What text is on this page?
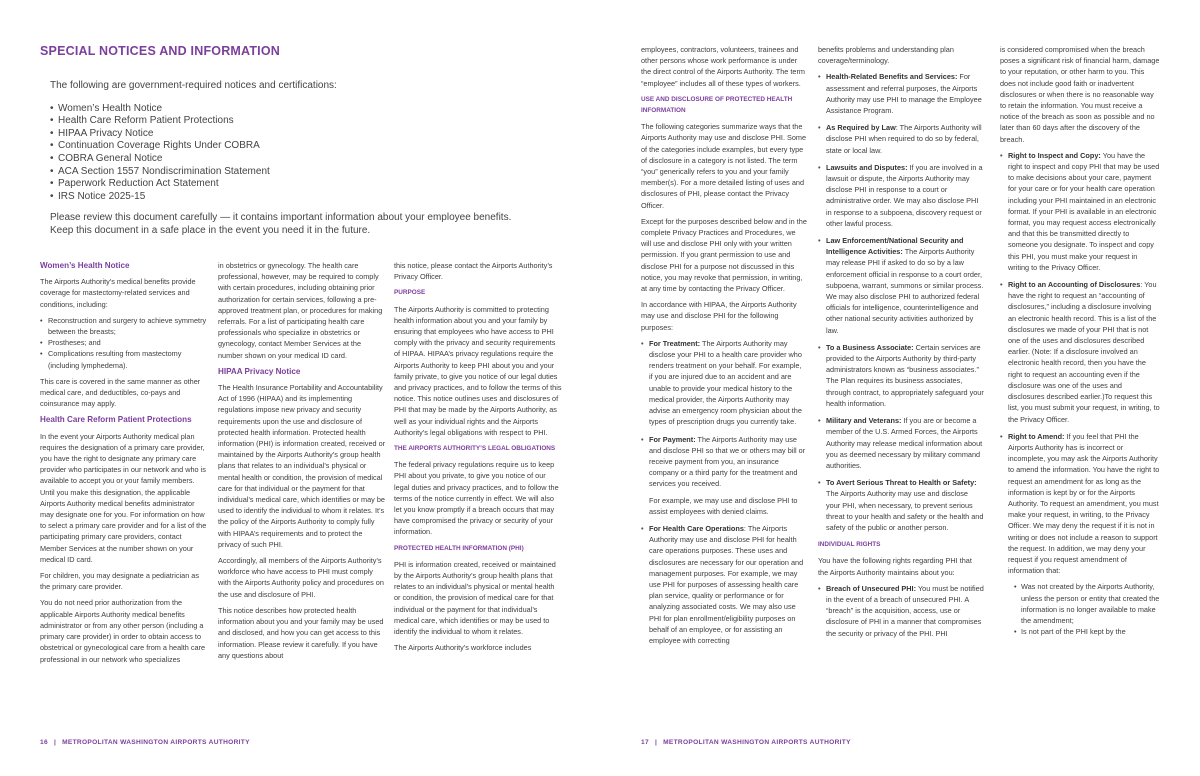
SPECIAL NOTICES AND INFORMATION

The following are government-required notices and certifications:

• Women’s Health Notice
• Health Care Reform Patient Protections
• HIPAA Privacy Notice
• Continuation Coverage Rights Under COBRA
• COBRA General Notice
• ACA Section 1557 Nondiscrimination Statement
• Paperwork Reduction Act Statement
• IRS Notice 2025-15

Please review this document carefully — it contains important information about your employee benefits. Keep this document in a safe place in the event you need it in the future.

Women’s Health Notice

The Airports Authority’s medical benefits provide coverage for mastectomy-related services and conditions, including:

• Reconstruction and surgery to achieve symmetry between the breasts;
• Prostheses; and
• Complications resulting from mastectomy (including lymphedema).

This care is covered in the same manner as other medical care, and deductibles, co-pays and coinsurance may apply.

Health Care Reform Patient Protections

In the event your Airports Authority medical plan requires the designation of a primary care provider, you have the right to designate any primary care provider who participates in our network and who is available to accept you or your family members. Until you make this designation, the applicable Airports Authority medical benefits administrator may designate one for you. For information on how to select a primary care provider and for a list of the participating primary care providers, contact Member Services at the number shown on your medical ID card.

For children, you may designate a pediatrician as the primary care provider.

You do not need prior authorization from the applicable Airports Authority medical benefits administrator or from any other person (including a primary care provider) in order to obtain access to obstetrical or gynecological care from a health care professional in our network who specializes

in obstetrics or gynecology. The health care professional, however, may be required to comply with certain procedures, including obtaining prior authorization for certain services, following a pre-approved treatment plan, or procedures for making referrals. For a list of participating health care professionals who specialize in obstetrics or gynecology, contact Member Services at the number shown on your medical ID card.

HIPAA Privacy Notice

The Health Insurance Portability and Accountability Act of 1996 (HIPAA) and its implementing regulations impose new privacy and security requirements upon the use and disclosure of protected health information. Protected health information (PHI) is information created, received or maintained by the Airports Authority’s group health plans that relates to an individual’s physical or mental health or condition, the provision of medical care for that individual or the payment for that individual’s medical care, which identifies or may be used to identify the individual to whom it relates. It’s the policy of the Airports Authority to comply fully with HIPAA’s requirements and to protect the privacy of such PHI.

Accordingly, all members of the Airports Authority’s workforce who have access to PHI must comply with the Airports Authority policy and procedures on the use and disclosure of PHI.

This notice describes how protected health information about you and your family may be used and disclosed, and how you can get access to this information. Please review it carefully. If you have any questions about

this notice, please contact the Airports Authority’s Privacy Officer.

PURPOSE

The Airports Authority is committed to protecting health information about you and your family by ensuring that employees who have access to PHI comply with the privacy and security requirements of HIPAA. HIPAA’s privacy regulations require the Airports Authority to keep PHI about you and your family private, to give you notice of our legal duties and privacy practices, and to follow the terms of this notice. This notice outlines uses and disclosures of PHI that may be made by the Airports Authority, as well as your individual rights and the Airports Authority’s legal obligations with respect to PHI.

THE AIRPORTS AUTHORITY’S LEGAL OBLIGATIONS

The federal privacy regulations require us to keep PHI about you private, to give you notice of our legal duties and privacy practices, and to follow the terms of the notice currently in effect. We will also let you know promptly if a breach occurs that may have compromised the privacy or security of your information.

PROTECTED HEALTH INFORMATION (PHI)

PHI is information created, received or maintained by the Airports Authority’s group health plans that relates to an individual’s physical or mental health or condition, the provision of medical care for that individual or the payment for that individual’s medical care, which identifies or may be used to identify the individual to whom it relates.

The Airports Authority’s workforce includes

16 | METROPOLITAN WASHINGTON AIRPORTS AUTHORITY

employees, contractors, volunteers, trainees and other persons whose work performance is under the direct control of the Airports Authority. The term “employee” includes all of these types of workers.

USE AND DISCLOSURE OF PROTECTED HEALTH INFORMATION

The following categories summarize ways that the Airports Authority may use and disclose PHI. Some of the categories include examples, but every type of disclosure in a category is not listed. The term “you” generically refers to you and your family member(s). For a more detailed listing of uses and disclosures of PHI, please contact the Privacy Officer.

Except for the purposes described below and in the complete Privacy Practices and Procedures, we will use and disclose PHI only with your written permission. If you grant permission to use and disclose PHI for a purpose not discussed in this notice, you may revoke that permission, in writing, at any time by contacting the Privacy Officer.

In accordance with HIPAA, the Airports Authority may use and disclose PHI for the following purposes:

• For Treatment: The Airports Authority may disclose your PHI to a health care provider who renders treatment on your behalf. For example, if you are injured due to an accident and are unable to provide your medical history to the medical provider, the Airports Authority may advise an emergency room physician about the types of prescription drugs you currently take.

• For Payment: The Airports Authority may use and disclose PHI so that we or others may bill or receive payment from you, an insurance company or a third party for the treatment and services you received.

For example, we may use and disclose PHI to assist employees with denied claims.

• For Health Care Operations: The Airports Authority may use and disclose PHI for health care operations purposes. These uses and disclosures are necessary for our operation and management purposes. For example, we may use PHI for purposes of assessing health care plan service, quality or performance or for analyzing associated costs. We may also use PHI for plan enrollment/eligibility purposes on behalf of an employee, or for assisting an employee with correcting

benefits problems and understanding plan coverage/terminology.

• Health-Related Benefits and Services: For assessment and referral purposes, the Airports Authority may use PHI to manage the Employee Assistance Program.

• As Required by Law: The Airports Authority will disclose PHI when required to do so by federal, state or local law.

• Lawsuits and Disputes: If you are involved in a lawsuit or dispute, the Airports Authority may disclose PHI in response to a court or administrative order. We may also disclose PHI in response to a subpoena, discovery request or other lawful process.

• Law Enforcement/National Security and Intelligence Activities: The Airports Authority may release PHI if asked to do so by a law enforcement official in response to a court order, subpoena, warrant, summons or similar process. We may also disclose PHI to authorized federal officials for intelligence, counterintelligence and other national security activities authorized by law.

• To a Business Associate: Certain services are provided to the Airports Authority by third-party administrators known as “business associates.” The Plan requires its business associates, through contract, to appropriately safeguard your health information.

• Military and Veterans: If you are or become a member of the U.S. Armed Forces, the Airports Authority may release medical information about you as deemed necessary by military command authorities.

• To Avert Serious Threat to Health or Safety: The Airports Authority may use and disclose your PHI, when necessary, to prevent serious threat to your health and safety or the health and safety of the public or another person.

INDIVIDUAL RIGHTS

You have the following rights regarding PHI that the Airports Authority maintains about you:

• Breach of Unsecured PHI: You must be notified in the event of a breach of unsecured PHI. A “breach” is the acquisition, access, use or disclosure of PHI in a manner that compromises the security or privacy of the PHI. PHI

is considered compromised when the breach poses a significant risk of financial harm, damage to your reputation, or other harm to you. This does not include good faith or inadvertent disclosures or when there is no reasonable way to retain the information. You must receive a notice of the breach as soon as possible and no later than 60 days after the discovery of the breach.

• Right to Inspect and Copy: You have the right to inspect and copy PHI that may be used to make decisions about your care, payment for your care or for your health care operation including your PHI maintained in an electronic format. If your PHI is available in an electronic format, you may request access electronically and that this be transmitted directly to someone you designate. To inspect and copy this PHI, you must make your request in writing to the Privacy Officer.

• Right to an Accounting of Disclosures: You have the right to request an “accounting of disclosures,” including a disclosure involving an electronic health record. This is a list of the disclosures we made of your PHI that is not one of the uses and disclosures described earlier. (Note: If a disclosure involved an electronic health record, then you have the right to request an accounting even if the disclosure was one of the uses and disclosures described earlier.)To request this list, you must submit your request, in writing, to the Privacy Officer.

• Right to Amend: If you feel that PHI the Airports Authority has is incorrect or incomplete, you may ask the Airports Authority to amend the information. You have the right to request an amendment for as long as the information is kept by or for the Airports Authority. To request an amendment, you must make your request, in writing, to the Privacy Officer. We may deny the request if it is not in writing or does not include a reason to support the request. In addition, we may deny your request if you request amendment of information that:

• Was not created by the Airports Authority, unless the person or entity that created the information is no longer available to make the amendment;
• Is not part of the PHI kept by the
17 | METROPOLITAN WASHINGTON AIRPORTS AUTHORITY
